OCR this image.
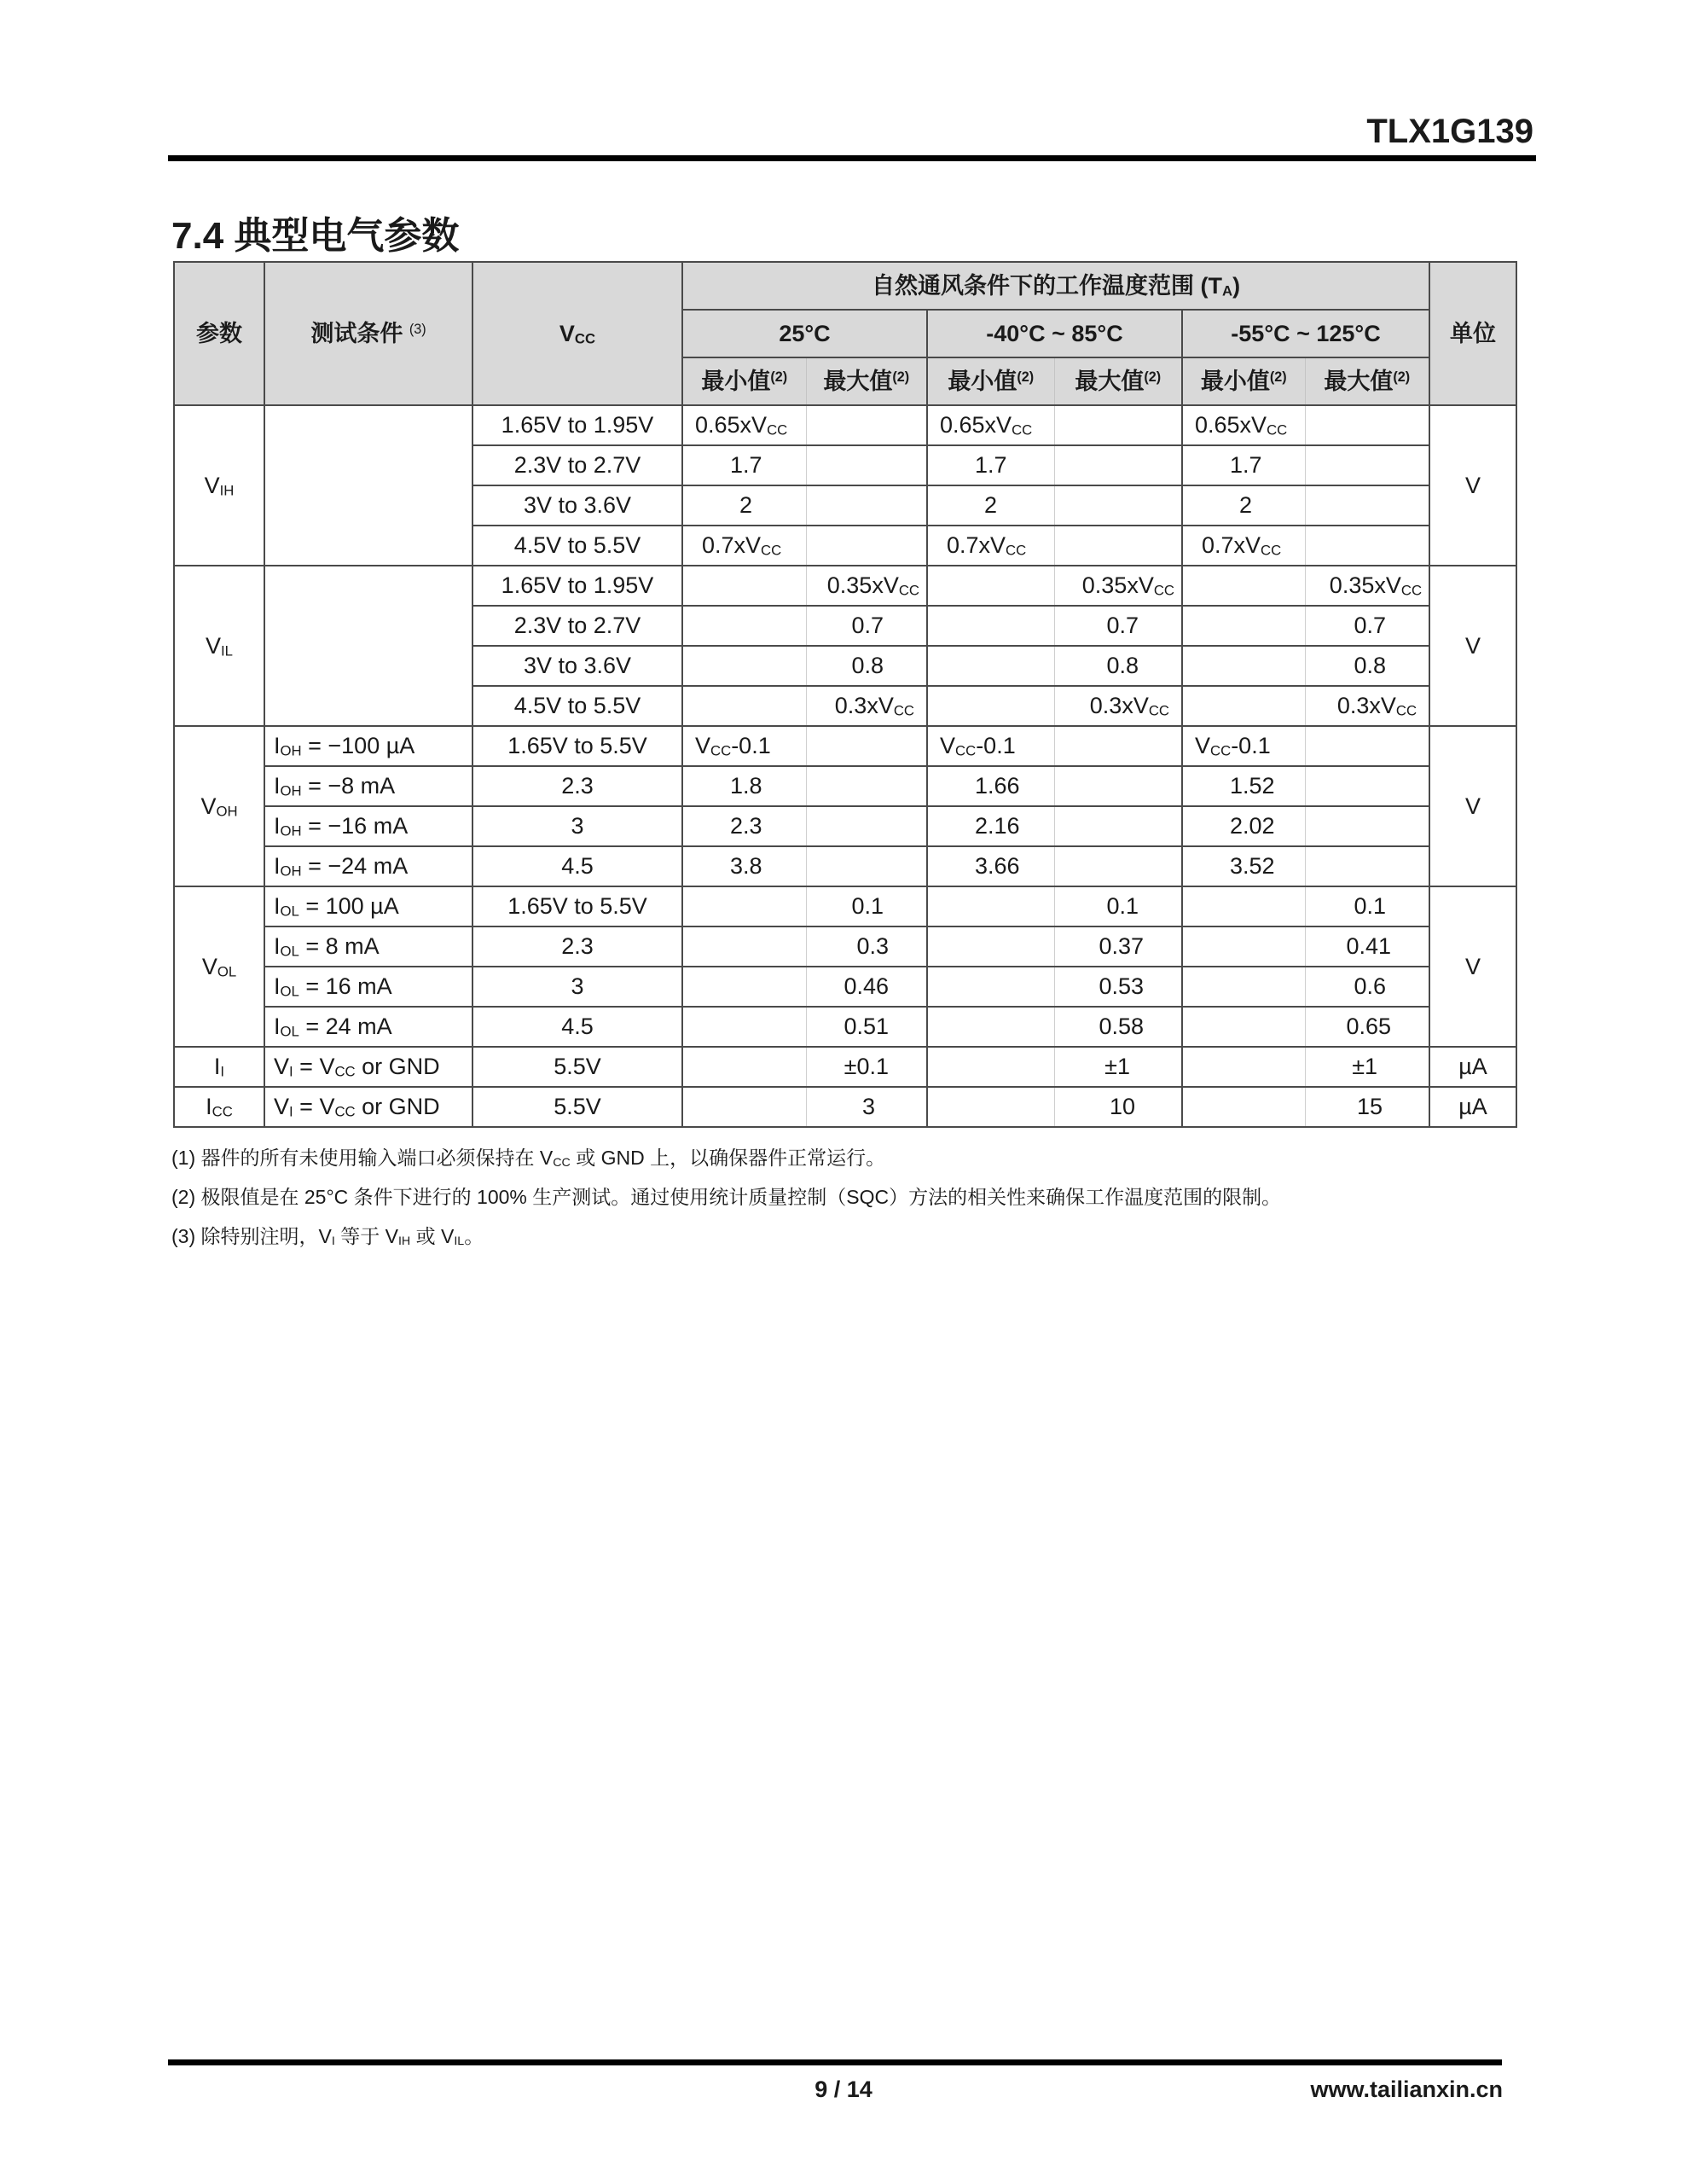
TLX1G139
7.4 典型电气参数
参数	测试条件 $^{(3)}$	$V_{CC}$	自然通风条件下的工作温度范围 $(T_A)$						单位
			25°C		-40°C ~ 85°C		-55°C ~ 125°C		
			最小值$^{(2)}$	最大值$^{(2)}$	最小值$^{(2)}$	最大值$^{(2)}$	最小值$^{(2)}$	最大值$^{(2)}$
$V_{IH}$		1.65V to 1.95V	$0.65xV_{CC}$		$0.65xV_{CC}$		$0.65xV_{CC}$		V
		2.3V to 2.7V	1.7		1.7		1.7		
		3V to 3.6V	2		2		2		
		4.5V to 5.5V	$0.7xV_{CC}$		$0.7xV_{CC}$		$0.7xV_{CC}$	
$V_{IL}$		1.65V to 1.95V		$0.35xV_{CC}$		$0.35xV_{CC}$		$0.35xV_{CC}$	V
		2.3V to 2.7V		0.7		0.7		0.7	
		3V to 3.6V		0.8		0.8		0.8	
		4.5V to 5.5V		$0.3xV_{CC}$		$0.3xV_{CC}$		$0.3xV_{CC}$
$V_{OH}$	$I_{OH} = -100$ µA	1.65V to 5.5V	$V_{CC}-0.1$		$V_{CC}-0.1$		$V_{CC}-0.1$		V
	$I_{OH} = -8$ mA	2.3	1.8		1.66		1.52		
	$I_{OH} = -16$ mA	3	2.3		2.16		2.02		
	$I_{OH} = -24$ mA	4.5	3.8		3.66		3.52		
$V_{OL}$	$I_{OL} = 100$ µA	1.65V to 5.5V		0.1		0.1		0.1	V
	$I_{OL} = 8$ mA	2.3		0.3		0.37		0.41	
	$I_{OL} = 16$ mA	3		0.46		0.53		0.6	
	$I_{OL} = 24$ mA	4.5		0.51		0.58		0.65	
$I_I$	$V_I = V_{CC}$ or GND	5.5V		±0.1		±1		±1	µA
$I_{CC}$	$V_I = V_{CC}$ or GND	5.5V		3		10		15	µA
(1) 器件的所有未使用输入端口必须保持在 $V_{CC}$ 或 GND 上，以确保器件正常运行。
(2) 极限值是在 25°C 条件下进行的 100% 生产测试。通过使用统计质量控制（SQC）方法的相关性来确保工作温度范围的限制。
(3) 除特别注明，$V_I$ 等于 $V_{IH}$ 或 $V_{IL}$。
9 / 14	www.tailianxin.cn
